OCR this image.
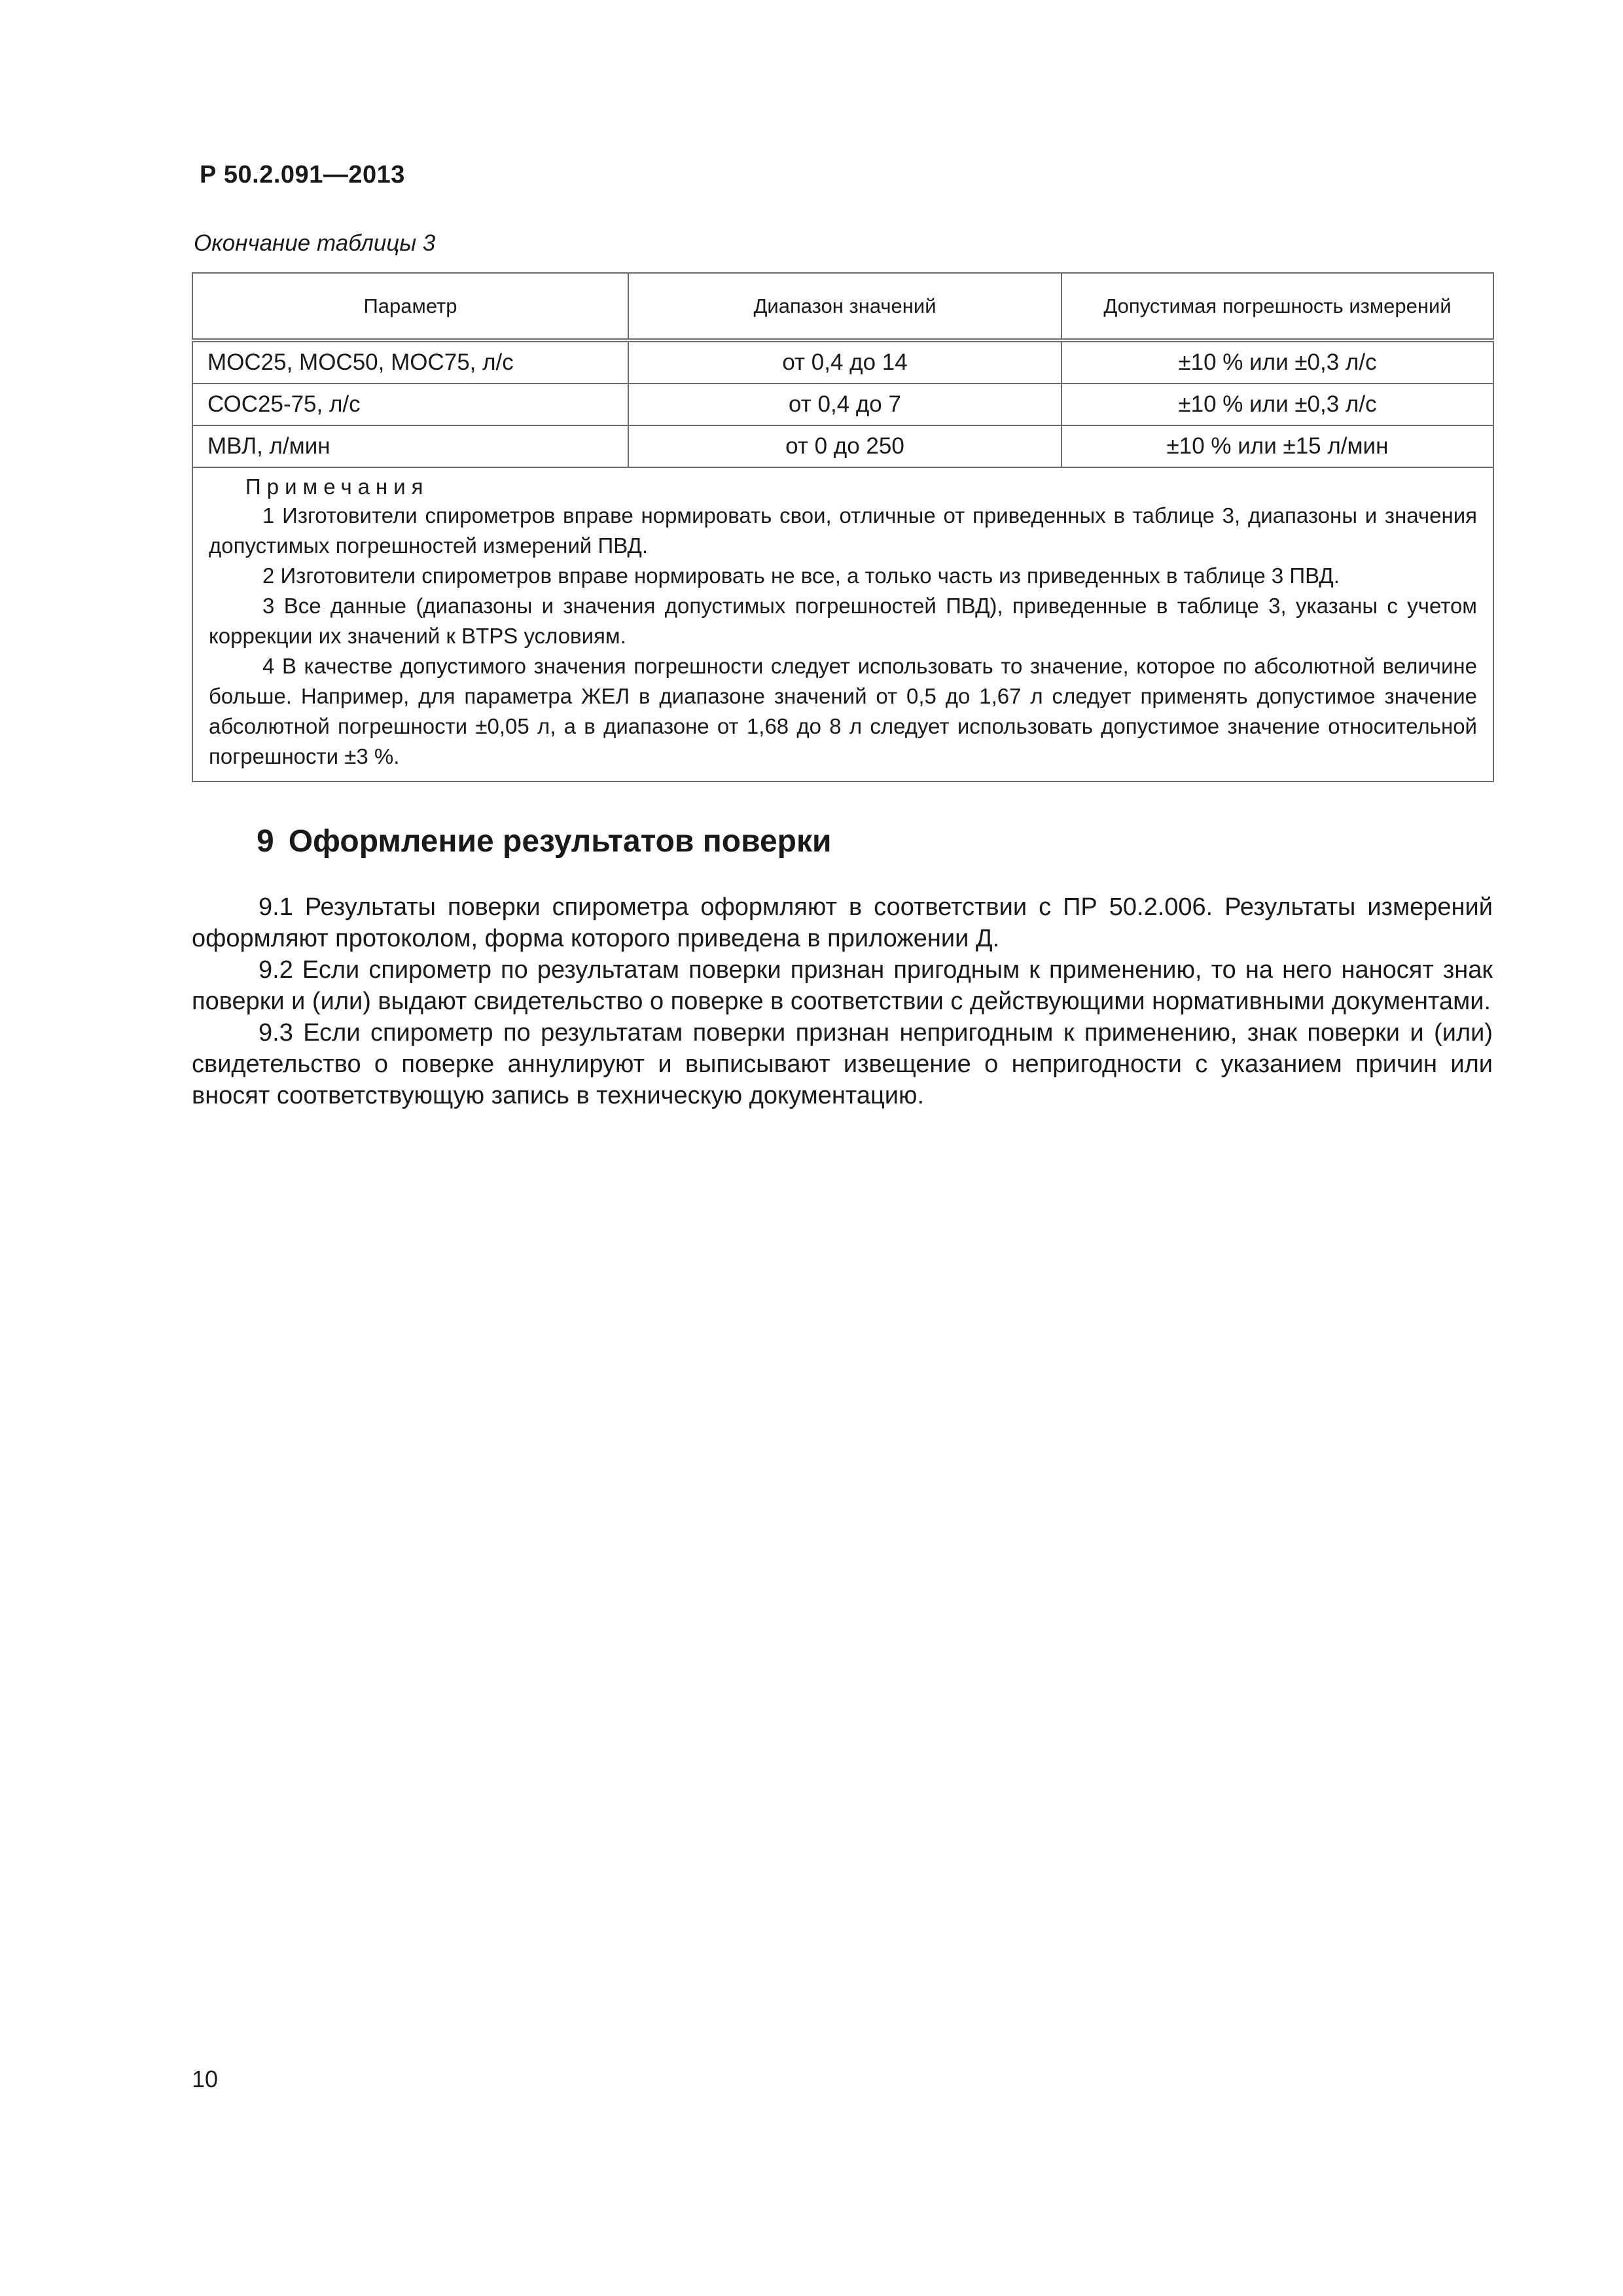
Р 50.2.091—2013
Окончание таблицы 3
Параметр	Диапазон значений	Допустимая погрешность измерений
МОС25, МОС50, МОС75, л/с	от 0,4 до 14	±10 % или ±0,3 л/с
СОС25-75, л/с	от 0,4 до 7	±10 % или ±0,3 л/с
МВЛ, л/мин	от 0 до 250	±10 % или ±15 л/мин

Примечания

1 Изготовители спирометров вправе нормировать свои, отличные от приведенных в таблице 3, диапазоны и значения допустимых погрешностей измерений ПВД.

2 Изготовители спирометров вправе нормировать не все, а только часть из приведенных в таблице 3 ПВД.

3 Все данные (диапазоны и значения допустимых погрешностей ПВД), приведенные в таблице 3, указаны с учетом коррекции их значений к BTPS условиям.

4 В качестве допустимого значения погрешности следует использовать то значение, которое по абсолютной величине больше. Например, для параметра ЖЕЛ в диапазоне значений от 0,5 до 1,67 л следует применять допустимое значение абсолютной погрешности ±0,05 л, а в диапазоне от 1,68 до 8 л следует использовать допустимое значение относительной погрешности ±3 %.		

9 Оформление результатов поверки

9.1 Результаты поверки спирометра оформляют в соответствии с ПР 50.2.006. Результаты измерений оформляют протоколом, форма которого приведена в приложении Д.

9.2 Если спирометр по результатам поверки признан пригодным к применению, то на него наносят знак поверки и (или) выдают свидетельство о поверке в соответствии с действующими нормативными документами.

9.3 Если спирометр по результатам поверки признан непригодным к применению, знак поверки и (или) свидетельство о поверке аннулируют и выписывают извещение о непригодности с указанием причин или вносят соответствующую запись в техническую документацию.

10
